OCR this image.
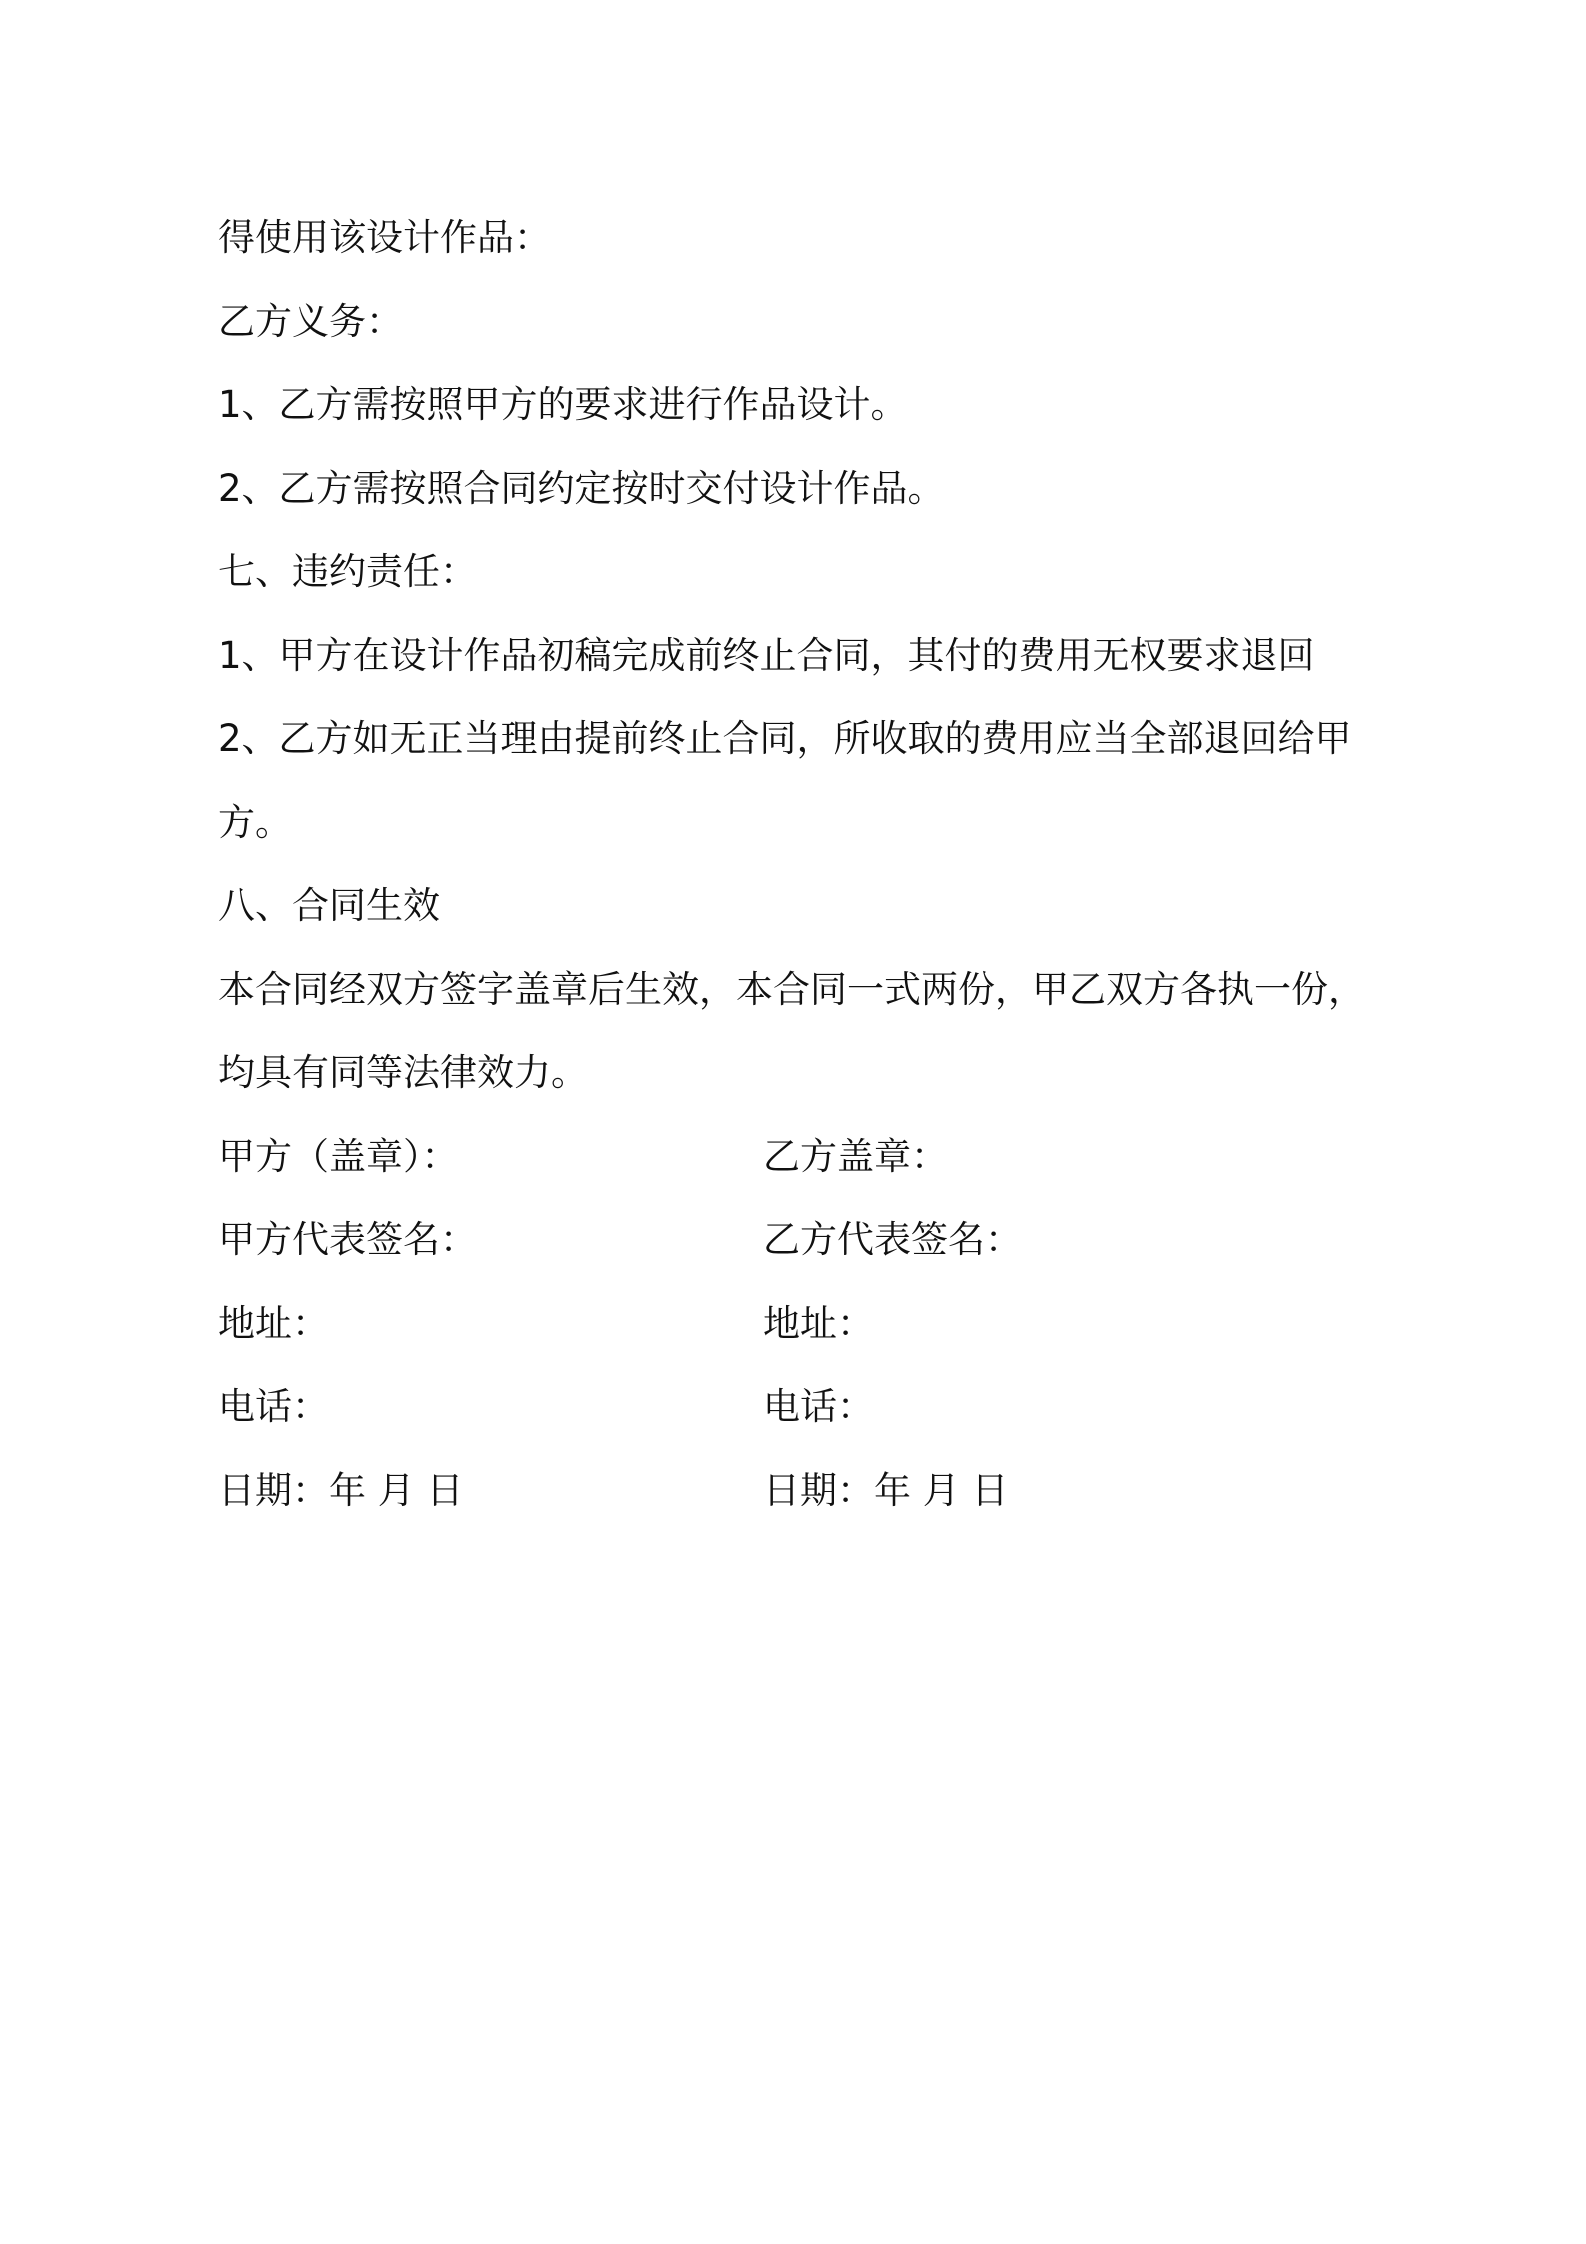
得使用该设计作品：
乙方义务：
1、乙方需按照甲方的要求进行作品设计。
2、乙方需按照合同约定按时交付设计作品。
七、违约责任：
1、甲方在设计作品初稿完成前终止合同，其付的费用无权要求退回
2、乙方如无正当理由提前终止合同，所收取的费用应当全部退回给甲
方。
八、合同生效
本合同经双方签字盖章后生效，本合同一式两份，甲乙双方各执一份，
均具有同等法律效力。
甲方（盖章）：	乙方盖章：
甲方代表签名：	乙方代表签名：
地址：	地址：
电话：	电话：
日期：年 月 日	日期：年 月 日
